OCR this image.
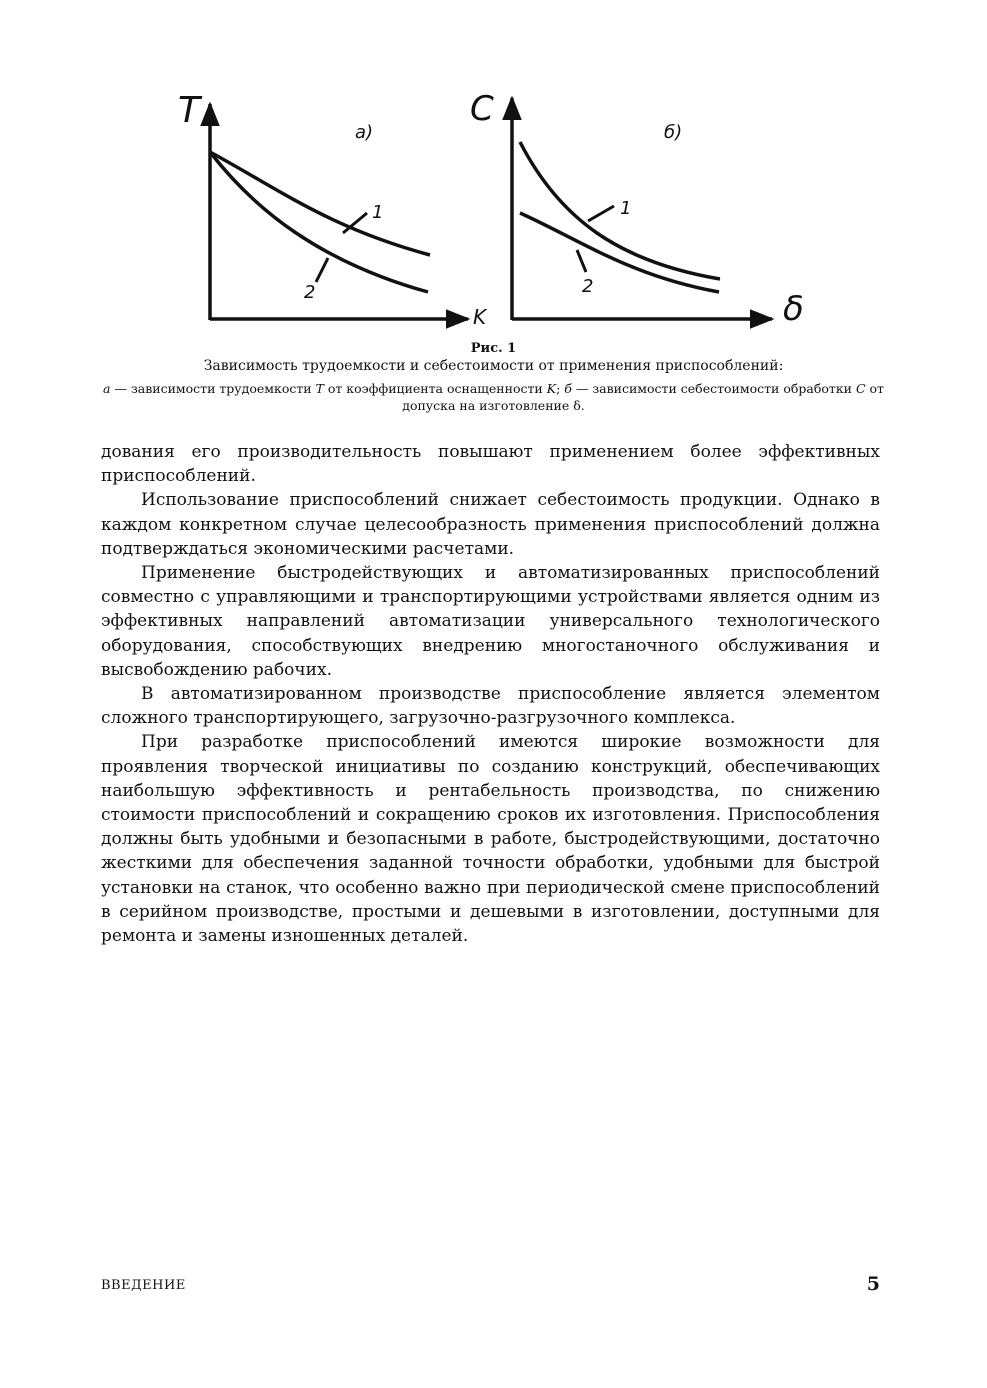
T
K
а)
1
2
C
δ
б)
1
2
Рис. 1
Зависимость трудоемкости и себестоимости от применения приспособлений:
а — зависимости трудоемкости T от коэффициента оснащенности K; б — зависимости себестоимости обработки C от допуска на изготовление δ.

дования его производительность повышают применением более эффективных приспособлений.

Использование приспособлений снижает себестоимость продукции. Однако в каждом конкретном случае целесообразность применения приспособлений должна подтверждаться экономическими расчетами.

Применение быстродействующих и автоматизированных приспособлений совместно с управляющими и транспортирующими устройствами является одним из эффективных направлений автоматизации универсального технологического оборудования, способствующих внедрению многостаночного обслуживания и высвобождению рабочих.

В автоматизированном производстве приспособление является элементом сложного транспортирующего, загрузочно-разгрузочного комплекса.

При разработке приспособлений имеются широкие возможности для проявления творческой инициативы по созданию конструкций, обеспечивающих наибольшую эффективность и рентабельность производства, по снижению стоимости приспособлений и сокращению сроков их изготовления. Приспособления должны быть удобными и безопасными в работе, быстродействующими, достаточно жесткими для обеспечения заданной точности обработки, удобными для быстрой установки на станок, что особенно важно при периодической смене приспособлений в серийном производстве, простыми и дешевыми в изготовлении, доступными для ремонта и замены изношенных деталей.

ВВЕДЕНИЕ	5
